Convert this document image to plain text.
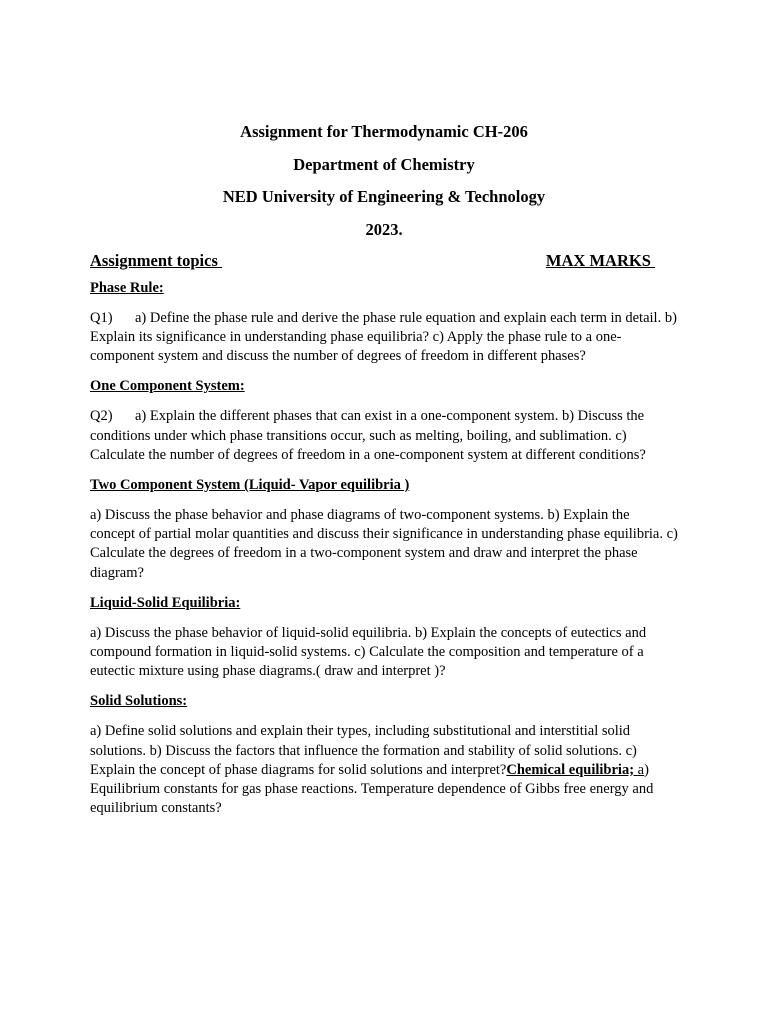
Assignment for Thermodynamic CH-206
Department of Chemistry
NED University of Engineering & Technology
2023.
Assignment topics
	MAX MARKS

Phase Rule:
Q1) a) Define the phase rule and derive the phase rule equation and explain each term in detail. b) Explain its significance in understanding phase equilibria? c) Apply the phase rule to a one-component system and discuss the number of degrees of freedom in different phases?
One Component System:
Q2) a) Explain the different phases that can exist in a one-component system. b) Discuss the conditions under which phase transitions occur, such as melting, boiling, and sublimation. c) Calculate the number of degrees of freedom in a one-component system at different conditions?
Two Component System (Liquid- Vapor equilibria )
a) Discuss the phase behavior and phase diagrams of two-component systems. b) Explain the concept of partial molar quantities and discuss their significance in understanding phase equilibria. c) Calculate the degrees of freedom in a two-component system and draw and interpret the phase diagram?
Liquid-Solid Equilibria:
a) Discuss the phase behavior of liquid-solid equilibria. b) Explain the concepts of eutectics and compound formation in liquid-solid systems. c) Calculate the composition and temperature of a eutectic mixture using phase diagrams.( draw and interpret )?
Solid Solutions:
a) Define solid solutions and explain their types, including substitutional and interstitial solid solutions. b) Discuss the factors that influence the formation and stability of solid solutions. c) Explain the concept of phase diagrams for solid solutions and interpret?Chemical equilibria; a) Equilibrium constants for gas phase reactions. Temperature dependence of Gibbs free energy and equilibrium constants?
